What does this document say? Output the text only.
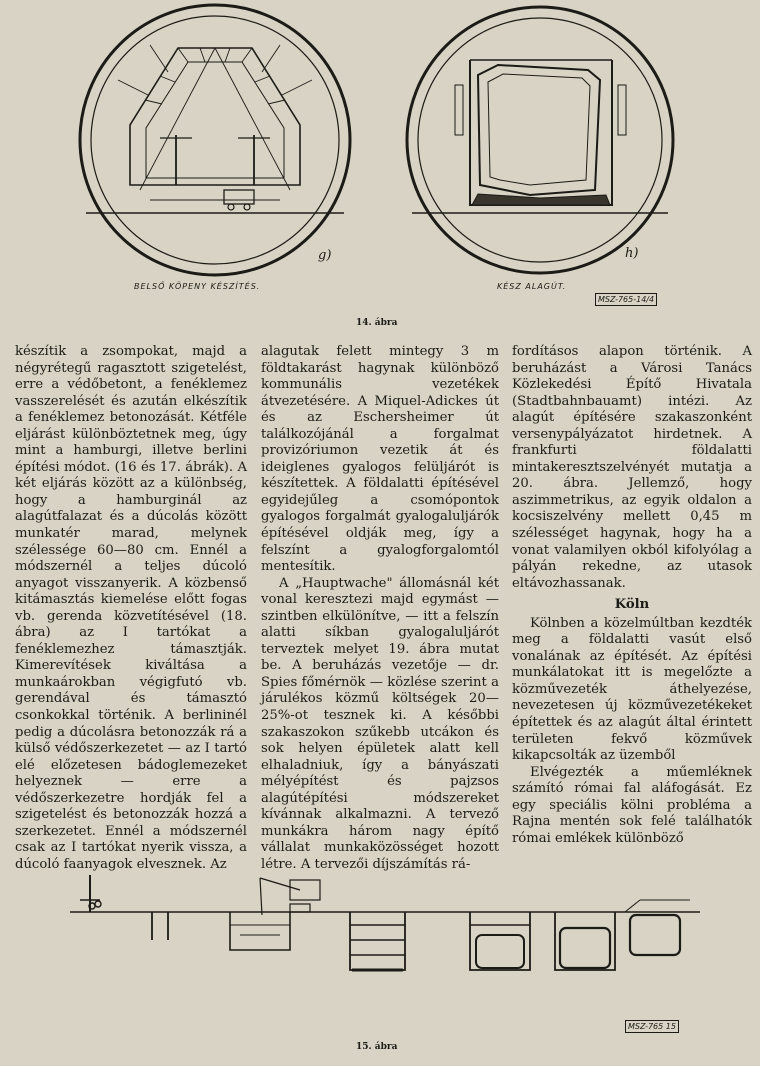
BELSŐ KÖPENY KÉSZÍTÉS.	KÉSZ ALAGÚT.
g)	h)
MSZ-765-14/4
14. ábra

készítik a zsompokat, majd a négyrétegű ragasztott szigetelést, erre a védőbetont, a fenéklemez vasszerelését és azután elkészítik a fenéklemez betonozását. Kétféle eljárást különböztetnek meg, úgy mint a hamburgi, illetve berlini építési módot. (16 és 17. ábrák). A két eljárás között az a különbség, hogy a hamburginál az alagútfalazat és a dúcolás között munkatér marad, melynek szélessége 60—80 cm. Ennél a módszernél a teljes dúcoló anyagot visszanyerik. A közbenső kitámasztás kiemelése előtt fogas vb. gerenda közvetítésével (18. ábra) az I tartókat a fenéklemezhez támasztják. Kimerevítések kiváltása a munkaárokban végigfutó vb. gerendával és támasztó csonkokkal történik. A berlininél pedig a dúcolásra betonozzák rá a külső védőszerkezetet — az I tartó elé előzetesen bádoglemezeket helyeznek — erre a védőszerkezetre hordják fel a szigetelést és betonozzák hozzá a szerkezetet. Ennél a módszernél csak az I tartókat nyerik vissza, a dúcoló faanyagok elvesznek. Az

alagutak felett mintegy 3 m földtakarást hagynak különböző kommunális vezetékek átvezetésére. A Miquel-Adickes út és az Eschersheimer út találkozójánál a forgalmat provizóriumon vezetik át és ideiglenes gyalogos felüljárót is készítettek. A földalatti építésével egyidejűleg a csomópontok gyalogos forgalmát gyalogaluljárók építésével oldják meg, így a felszínt a gyalogforgalomtól mentesítik.

A „Hauptwache" állomásnál két vonal keresztezi majd egymást — szintben elkülönítve, — itt a felszín alatti síkban gyalogaluljárót terveztek melyet 19. ábra mutat be. A beruházás vezetője — dr. Spies főmérnök — közlése szerint a járulékos közmű költségek 20—25%-ot tesznek ki. A későbbi szakaszokon szűkebb utcákon és sok helyen épületek alatt kell elhaladniuk, így a bányászati mélyépítést és pajzsos alagútépítési módszereket kívánnak alkalmazni. A tervező munkákra három nagy építő vállalat munkaközösséget hozott létre. A tervezői díjszámítás rá-

fordításos alapon történik. A beruházást a Városi Tanács Közlekedési Építő Hivatala (Stadtbahnbauamt) intézi. Az alagút építésére szakaszonként versenypályázatot hirdetnek. A frankfurti földalatti mintakeresztszelvényét mutatja a 20. ábra. Jellemző, hogy aszimmetrikus, az egyik oldalon a kocsiszelvény mellett 0,45 m szélességet hagynak, hogy ha a vonat valamilyen okból kifolyólag a pályán rekedne, az utasok eltávozhassanak.

Köln

Kölnben a közelmúltban kezdték meg a földalatti vasút első vonalának az építését. Az építési munkálatokat itt is megelőzte a közművezeték áthelyezése, nevezetesen új közművezetékeket építettek és az alagút által érintett területen fekvő közművek kikapcsolták az üzemből

Elvégezték a műemléknek számító római fal aláfogását. Ez egy speciális kölni probléma a Rajna mentén sok felé találhatók római emlékek különböző

MSZ-765 15
15. ábra
